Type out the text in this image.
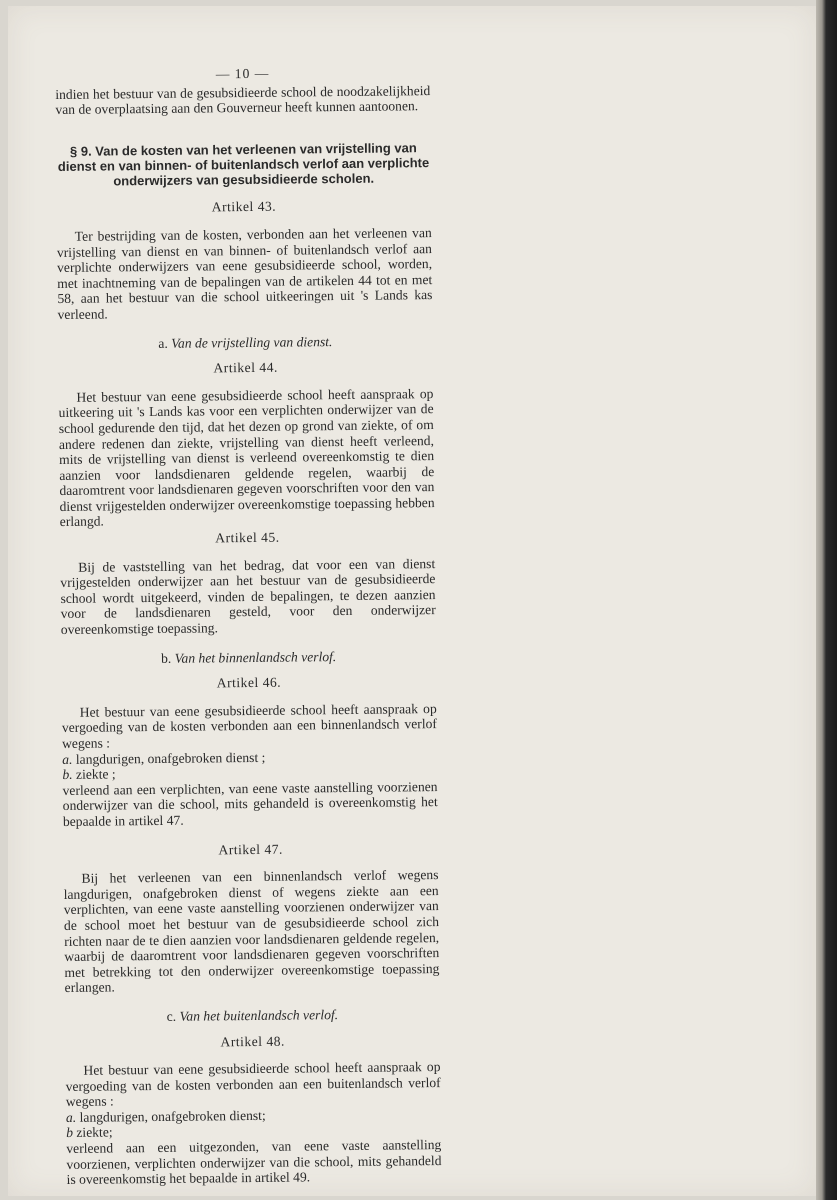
— 10 —

indien het bestuur van de gesubsidieerde school de noodzakelijkheid van de overplaatsing aan den Gouverneur heeft kunnen aantoonen.

§ 9. Van de kosten van het verleenen van vrijstelling van dienst en van binnen- of buitenlandsch verlof aan verplichte onderwijzers van gesubsidieerde scholen.
Artikel 43.

Ter bestrijding van de kosten, verbonden aan het verleenen van vrijstelling van dienst en van binnen- of buitenlandsch verlof aan verplichte onderwijzers van eene gesubsidieerde school, worden, met inachtneming van de bepalingen van de artikelen 44 tot en met 58, aan het bestuur van die school uitkeeringen uit 's Lands kas verleend.

a. Van de vrijstelling van dienst.
Artikel 44.

Het bestuur van eene gesubsidieerde school heeft aanspraak op uitkeering uit 's Lands kas voor een verplichten onderwijzer van de school gedurende den tijd, dat het dezen op grond van ziekte, of om andere redenen dan ziekte, vrijstelling van dienst heeft verleend, mits de vrijstelling van dienst is verleend overeenkomstig te dien aanzien voor landsdienaren geldende regelen, waarbij de daaromtrent voor landsdienaren gegeven voorschriften voor den van dienst vrijgestelden onderwijzer overeenkomstige toepassing hebben erlangd.

Artikel 45.

Bij de vaststelling van het bedrag, dat voor een van dienst vrijgestelden onderwijzer aan het bestuur van de gesubsidieerde school wordt uitgekeerd, vinden de bepalingen, te dezen aanzien voor de landsdienaren gesteld, voor den onderwijzer overeenkomstige toepassing.

b. Van het binnenlandsch verlof.
Artikel 46.

Het bestuur van eene gesubsidieerde school heeft aanspraak op vergoeding van de kosten verbonden aan een binnenlandsch verlof wegens :

a. langdurigen, onafgebroken dienst ;
b. ziekte ;

verleend aan een verplichten, van eene vaste aanstelling voorzienen onderwijzer van die school, mits gehandeld is overeenkomstig het bepaalde in artikel 47.

Artikel 47.

Bij het verleenen van een binnenlandsch verlof wegens langdurigen, onafgebroken dienst of wegens ziekte aan een verplichten, van eene vaste aanstelling voorzienen onderwijzer van de school moet het bestuur van de gesubsidieerde school zich richten naar de te dien aanzien voor landsdienaren geldende regelen, waarbij de daaromtrent voor landsdienaren gegeven voorschriften met betrekking tot den onderwijzer overeenkomstige toepassing erlangen.

c. Van het buitenlandsch verlof.
Artikel 48.

Het bestuur van eene gesubsidieerde school heeft aanspraak op vergoeding van de kosten verbonden aan een buitenlandsch verlof wegens :

a. langdurigen, onafgebroken dienst;
b ziekte;

verleend aan een uitgezonden, van eene vaste aanstelling voorzienen, verplichten onderwijzer van die school, mits gehandeld is overeenkomstig het bepaalde in artikel 49.
